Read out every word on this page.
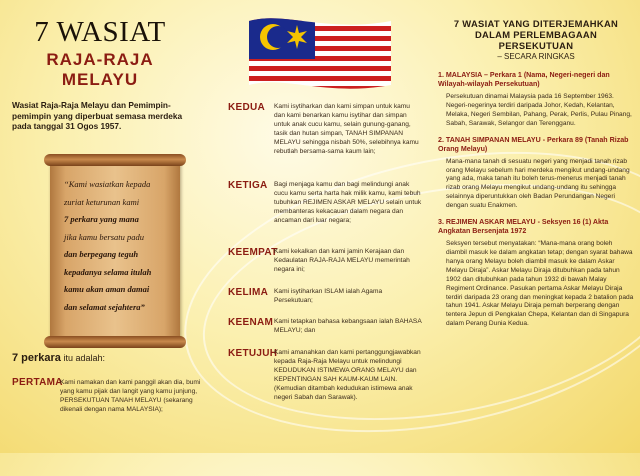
7 WASIAT
RAJA-RAJA
MELAYU
Wasiat Raja-Raja Melayu dan Pemimpin-pemimpin yang diperbuat semasa merdeka pada tanggal 31 Ogos 1957.
“Kami wasiatkan kepada
zuriat keturunan kami
7 perkara yang mana
jika kamu bersatu padu
dan berpegang teguh
kepadanya selama itulah
kamu akan aman damai
dan selamat sejahtera”
7 perkara itu adalah:
PERTAMA
Kami namakan dan kami panggil akan dia, bumi yang kamu pijak dan langit yang kamu junjung, PERSEKUTUAN TANAH MELAYU (sekarang dikenali dengan nama MALAYSIA);
KEDUA	Kami isytiharkan dan kami simpan untuk kamu dan kami benarkan kamu isytihar dan simpan untuk anak cucu kamu, selain gunung-ganang, tasik dan hutan simpan, TANAH SIMPANAN MELAYU sehingga nisbah 50%, selebihnya kamu rebutlah bersama-sama kaum lain;
KETIGA Bagi menjaga kamu dan bagi melindungi anak cucu kamu serta harta hak milik kamu, kami tebuh tubuhkan REJIMEN ASKAR MELAYU selain untuk membanteras kekacauan dalam negara dan ancaman dari luar negara;
KEEMPAT
Kami kekalkan dan kami jamin Kerajaan dan Kedaulatan RAJA-RAJA MELAYU memerintah negara ini;
KELIMA Kami isytiharkan ISLAM ialah Agama Persekutuan;
KEENAM Kami tetapkan bahasa kebangsaan ialah BAHASA MELAYU; dan
KETUJUH
Kami amanahkan dan kami pertanggungjawabkan kepada Raja-Raja Melayu untuk melindungi KEDUDUKAN ISTIMEWA ORANG MELAYU dan KEPENTINGAN SAH KAUM-KAUM LAIN. (Kemudian ditambah kedudukan istimewa anak negeri Sabah dan Sarawak).
7 WASIAT YANG DITERJEMAHKAN DALAM PERLEMBAGAAN PERSEKUTUAN
– SECARA RINGKAS
1. MALAYSIA – Perkara 1 (Nama, Negeri-negeri dan Wilayah-wilayah Persekutuan)
Persekutuan dinamai Malaysia pada 16 September 1963. Negeri-negerinya terdiri daripada Johor, Kedah, Kelantan, Melaka, Negeri Sembilan, Pahang, Perak, Perlis, Pulau Pinang, Sabah, Sarawak, Selangor dan Terengganu.
2. TANAH SIMPANAN MELAYU - Perkara 89 (Tanah Rizab Orang Melayu)
Mana-mana tanah di sesuatu negeri yang menjadi tanah rizab orang Melayu sebelum hari merdeka mengikut undang-undang yang ada, maka tanah itu boleh terus-menerus menjadi tanah rizab orang Melayu mengikut undang-undang itu sehingga selainnya diperuntukkan oleh Badan Perundangan Negeri dengan suatu Enakmen.
3. REJIMEN ASKAR MELAYU - Seksyen 16 (1) Akta Angkatan Bersenjata 1972
Seksyen tersebut menyatakan: “Mana-mana orang boleh diambil masuk ke dalam angkatan tetap; dengan syarat bahawa hanya orang Melayu boleh diambil masuk ke dalam Askar Melayu Diraja”. Askar Melayu Diraja ditubuhkan pada tahun 1902 dan ditubuhkan pada tahun 1932 di bawah Malay Regiment Ordinance. Pasukan pertama Askar Melayu Diraja terdiri daripada 23 orang dan meningkat kepada 2 batalion pada tahun 1941. Askar Melayu Diraja pernah berperang dengan tentera Jepun di Pengkalan Chepa, Kelantan dan di Singapura dalam Perang Dunia Kedua.
